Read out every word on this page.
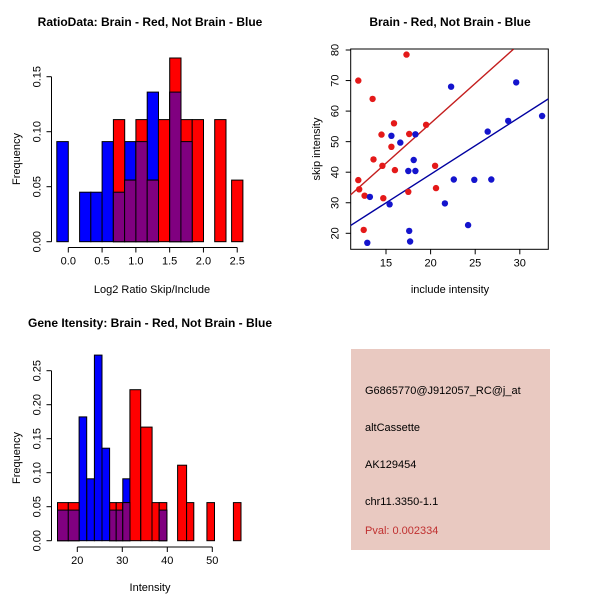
RatioData: Brain - Red, Not Brain - Blue
0.00
0.05
0.10
0.15
0.0 0.5 1.0 1.5 2.0 2.5
Log2 Ratio Skip/Include
Frequency
Brain - Red, Not Brain - Blue
15	20	25	30
20
30
40
50
60
70
80
include intensity
skip intensity
Gene Itensity: Brain - Red, Not Brain - Blue
0.00
0.05
0.10
0.15
0.20
0.25
20	30	40	50
Intensity
Frequency
G6865770@J912057_RC@j_at
altCassette
AK129454
chr11.3350-1.1
Pval: 0.002334
